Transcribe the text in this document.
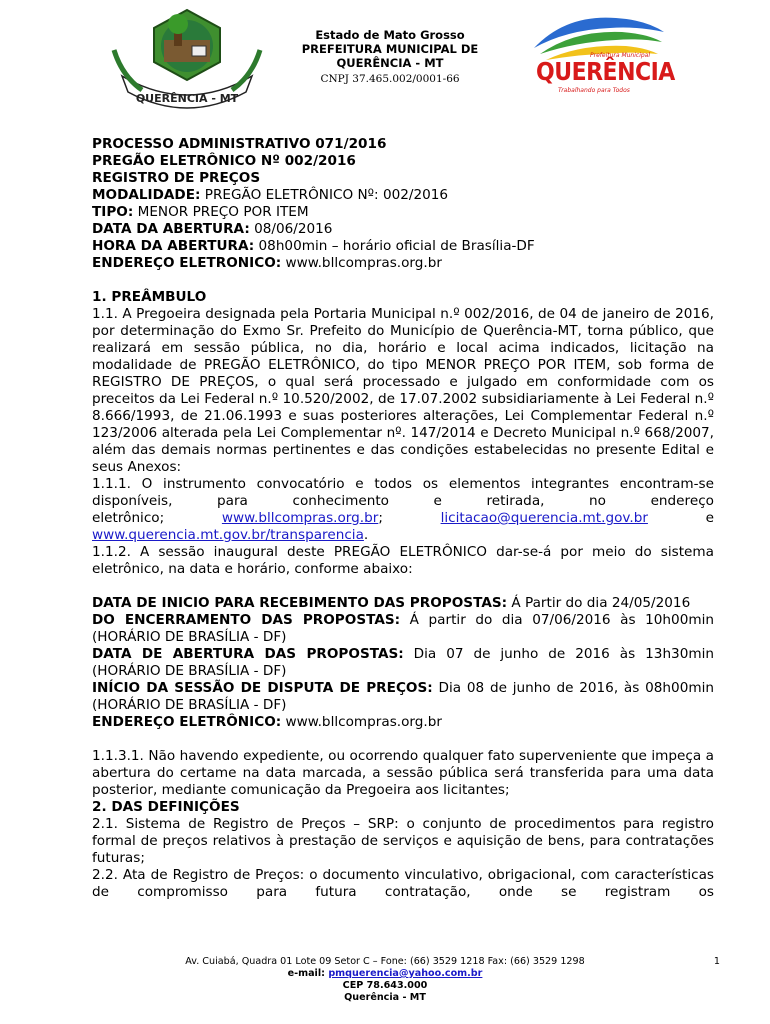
QUERÊNCIA - MT
Estado de Mato Grosso
PREFEITURA MUNICIPAL DE
QUERÊNCIA - MT
CNPJ 37.465.002/0001-66
Prefeitura Municipal
QUERÊNCIA
Trabalhando para Todos

PROCESSO ADMINISTRATIVO 071/2016

PREGÃO ELETRÔNICO Nº 002/2016

REGISTRO DE PREÇOS

MODALIDADE: PREGÃO ELETRÔNICO Nº: 002/2016

TIPO: MENOR PREÇO POR ITEM

DATA DA ABERTURA: 08/06/2016

HORA DA ABERTURA: 08h00min – horário oficial de Brasília-DF

ENDEREÇO ELETRONICO: www.bllcompras.org.br

1. PREÂMBULO

1.1. A Pregoeira designada pela Portaria Municipal n.º 002/2016, de 04 de janeiro de 2016, por determinação do Exmo Sr. Prefeito do Município de Querência-MT, torna público, que realizará em sessão pública, no dia, horário e local acima indicados, licitação na modalidade de PREGÃO ELETRÔNICO, do tipo MENOR PREÇO POR ITEM, sob forma de REGISTRO DE PREÇOS, o qual será processado e julgado em conformidade com os preceitos da Lei Federal n.º 10.520/2002, de 17.07.2002 subsidiariamente à Lei Federal n.º 8.666/1993, de 21.06.1993 e suas posteriores alterações, Lei Complementar Federal n.º 123/2006 alterada pela Lei Complementar nº. 147/2014 e Decreto Municipal n.º 668/2007, além das demais normas pertinentes e das condições estabelecidas no presente Edital e seus Anexos:

1.1.1. O instrumento convocatório e todos os elementos integrantes encontram-se disponíveis, para conhecimento e retirada, no endereço

eletrônico;	www.bllcompras.org.br;	licitacao@querencia.mt.gov.br	e

www.querencia.mt.gov.br/transparencia.

1.1.2. A sessão inaugural deste PREGÃO ELETRÔNICO dar-se-á por meio do sistema eletrônico, na data e horário, conforme abaixo:

DATA DE INICIO PARA RECEBIMENTO DAS PROPOSTAS: Á Partir do dia 24/05/2016

DO ENCERRAMENTO DAS PROPOSTAS: Á partir do dia 07/06/2016 às 10h00min (HORÁRIO DE BRASÍLIA - DF)

DATA DE ABERTURA DAS PROPOSTAS: Dia 07 de junho de 2016 às 13h30min (HORÁRIO DE BRASÍLIA - DF)

INÍCIO DA SESSÃO DE DISPUTA DE PREÇOS: Dia 08 de junho de 2016, às 08h00min (HORÁRIO DE BRASÍLIA - DF)

ENDEREÇO ELETRÔNICO: www.bllcompras.org.br

1.1.3.1. Não havendo expediente, ou ocorrendo qualquer fato superveniente que impeça a abertura do certame na data marcada, a sessão pública será transferida para uma data posterior, mediante comunicação da Pregoeira aos licitantes;

2. DAS DEFINIÇÕES

2.1. Sistema de Registro de Preços – SRP: o conjunto de procedimentos para registro formal de preços relativos à prestação de serviços e aquisição de bens, para contratações futuras;

2.2. Ata de Registro de Preços: o documento vinculativo, obrigacional, com características de compromisso para futura contratação, onde se registram os

Av. Cuiabá, Quadra 01 Lote 09 Setor C – Fone: (66) 3529 1218 Fax: (66) 3529 1298	1
e-mail: pmquerencia@yahoo.com.br
CEP 78.643.000
Querência - MT
